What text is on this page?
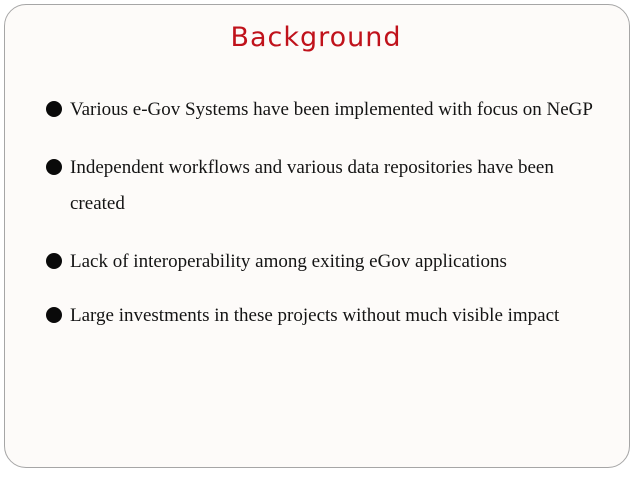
Background
Various e-Gov Systems have been implemented with focus on NeGP
Independent workflows and various data repositories have been created
Lack of interoperability among exiting eGov applications
Large investments in these projects without much visible impact
